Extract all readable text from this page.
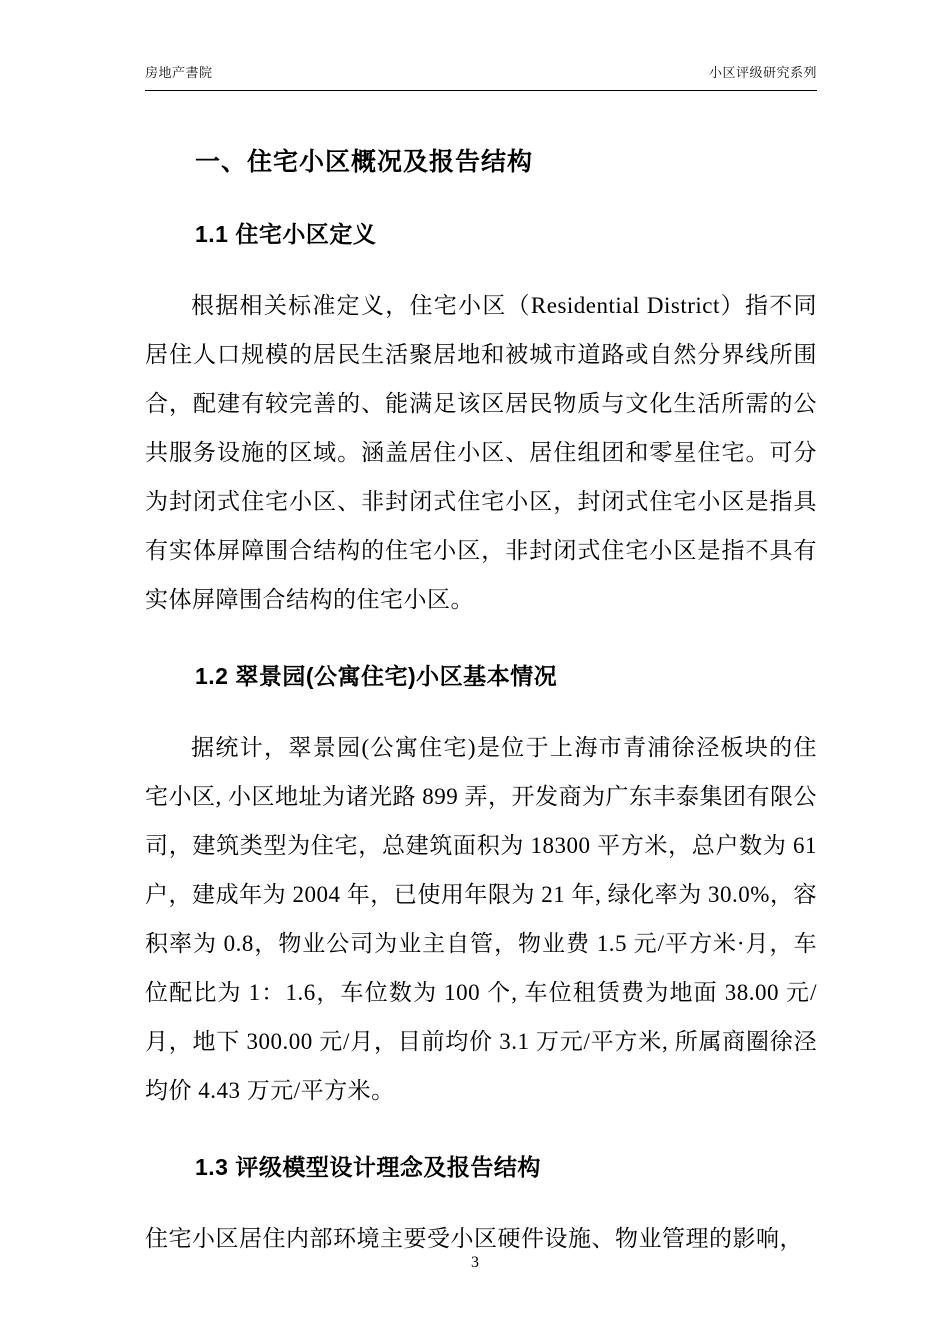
房地产書院	小区评级研究系列
一、住宅小区概况及报告结构
1.1 住宅小区定义

根据相关标准定义，住宅小区（Residential District）指不同居住人口规模的居民生活聚居地和被城市道路或自然分界线所围合，配建有较完善的、能满足该区居民物质与文化生活所需的公共服务设施的区域。涵盖居住小区、居住组团和零星住宅。可分为封闭式住宅小区、非封闭式住宅小区，封闭式住宅小区是指具有实体屏障围合结构的住宅小区，非封闭式住宅小区是指不具有实体屏障围合结构的住宅小区。

1.2 翠景园(公寓住宅)小区基本情况

据统计，翠景园(公寓住宅)是位于上海市青浦徐泾板块的住宅小区, 小区地址为诸光路 899 弄，开发商为广东丰泰集团有限公司，建筑类型为住宅，总建筑面积为 18300 平方米，总户数为 61 户，建成年为 2004 年，已使用年限为 21 年, 绿化率为 30.0%，容积率为 0.8，物业公司为业主自管，物业费 1.5 元/平方米·月，车位配比为 1：1.6，车位数为 100 个, 车位租赁费为地面 38.00 元/月，地下 300.00 元/月，目前均价 3.1 万元/平方米, 所属商圈徐泾均价 4.43 万元/平方米。

1.3 评级模型设计理念及报告结构

住宅小区居住内部环境主要受小区硬件设施、物业管理的影响，

3
